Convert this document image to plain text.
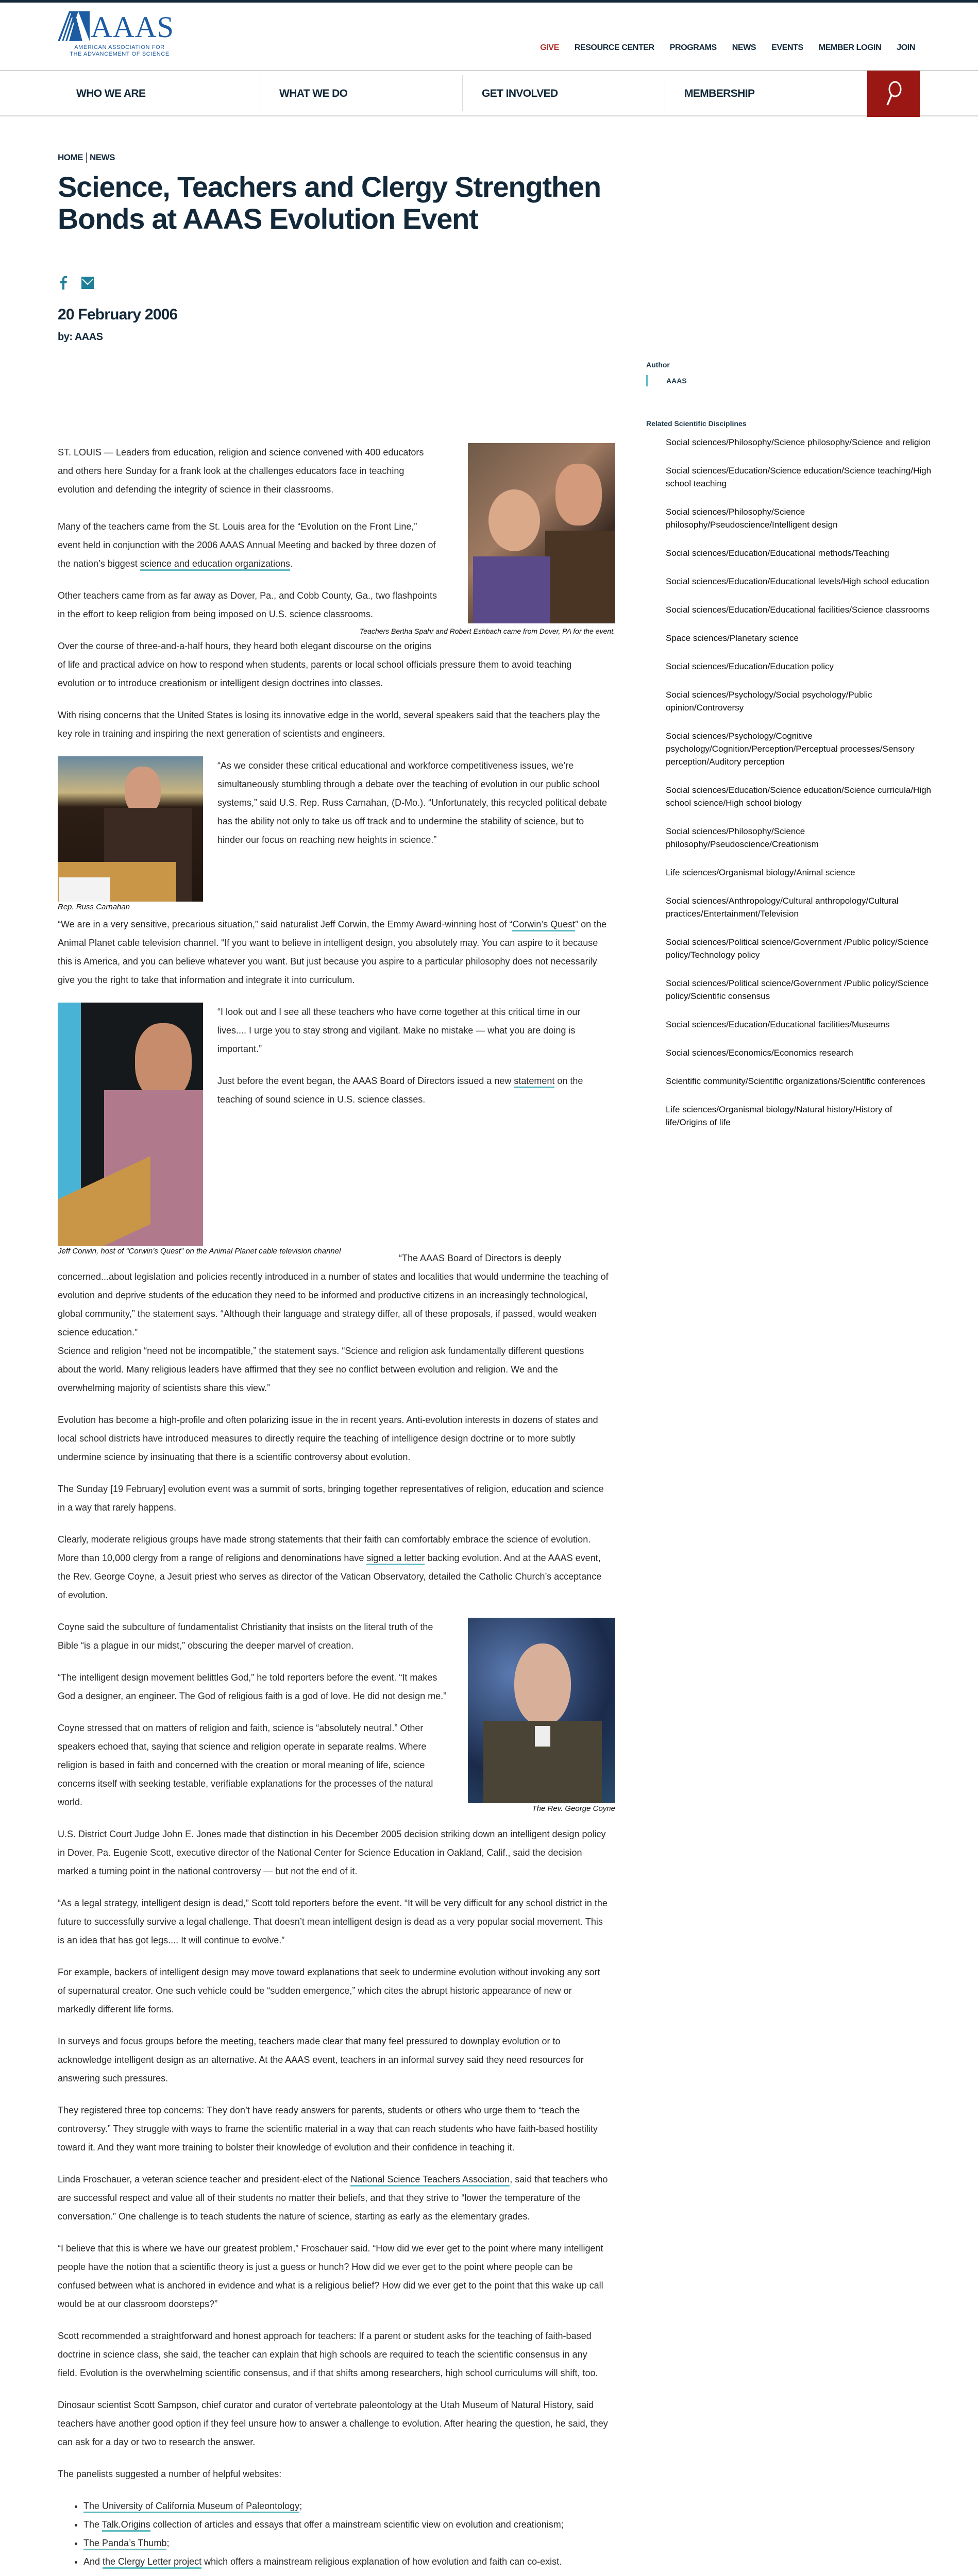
AAAS
AMERICAN ASSOCIATION FOR
THE ADVANCEMENT OF SCIENCE
GIVE RESOURCE CENTER PROGRAMS NEWS EVENTS MEMBER LOGIN JOIN
WHO WE ARE	WHAT WE DO	GET INVOLVED	MEMBERSHIP
HOME NEWS
Science, Teachers and Clergy Strengthen Bonds at AAAS Evolution Event
20 February 2006
by: AAAS
Teachers Bertha Spahr and Robert Eshbach came from Dover, PA for the event.

ST. LOUIS — Leaders from education, religion and science convened with 400 educators and others here Sunday for a frank look at the challenges educators face in teaching evolution and defending the integrity of science in their classrooms.

Many of the teachers came from the St. Louis area for the “Evolution on the Front Line,” event held in conjunction with the 2006 AAAS Annual Meeting and backed by three dozen of the nation’s biggest science and education organizations.

Other teachers came from as far away as Dover, Pa., and Cobb County, Ga., two flashpoints in the effort to keep religion from being imposed on U.S. science classrooms.

Over the course of three-and-a-half hours, they heard both elegant discourse on the origins of life and practical advice on how to respond when students, parents or local school officials pressure them to avoid teaching evolution or to introduce creationism or intelligent design doctrines into classes.

With rising concerns that the United States is losing its innovative edge in the world, several speakers said that the teachers play the key role in training and inspiring the next generation of scientists and engineers.

Rep. Russ Carnahan

“As we consider these critical educational and workforce competitiveness issues, we’re simultaneously stumbling through a debate over the teaching of evolution in our public school systems,” said U.S. Rep. Russ Carnahan, (D-Mo.). “Unfortunately, this recycled political debate has the ability not only to take us off track and to undermine the stability of science, but to hinder our focus on reaching new heights in science.”

“We are in a very sensitive, precarious situation,” said naturalist Jeff Corwin, the Emmy Award-winning host of “Corwin’s Quest” on the Animal Planet cable television channel. “If you want to believe in intelligent design, you absolutely may. You can aspire to it because this is America, and you can believe whatever you want. But just because you aspire to a particular philosophy does not necessarily give you the right to take that information and integrate it into curriculum.

“I look out and I see all these teachers who have come together at this critical time in our lives.... I urge you to stay strong and vigilant. Make no mistake — what you are doing is important.”

Just before the event began, the AAAS Board of Directors issued a new statement on the teaching of sound science in U.S. science classes.

Jeff Corwin, host of “Corwin’s Quest” on the Animal Planet cable television channel

“The AAAS Board of Directors is deeply concerned...about legislation and policies recently introduced in a number of states and localities that would undermine the teaching of evolution and deprive students of the education they need to be informed and productive citizens in an increasingly technological, global community,” the statement says. “Although their language and strategy differ, all of these proposals, if passed, would weaken science education.”

Science and religion “need not be incompatible,” the statement says. “Science and religion ask fundamentally different questions about the world. Many religious leaders have affirmed that they see no conflict between evolution and religion. We and the overwhelming majority of scientists share this view.”

Evolution has become a high-profile and often polarizing issue in the in recent years. Anti-evolution interests in dozens of states and local school districts have introduced measures to directly require the teaching of intelligence design doctrine or to more subtly undermine science by insinuating that there is a scientific controversy about evolution.

The Sunday [19 February] evolution event was a summit of sorts, bringing together representatives of religion, education and science in a way that rarely happens.

Clearly, moderate religious groups have made strong statements that their faith can comfortably embrace the science of evolution. More than 10,000 clergy from a range of religions and denominations have signed a letter backing evolution. And at the AAAS event, the Rev. George Coyne, a Jesuit priest who serves as director of the Vatican Observatory, detailed the Catholic Church’s acceptance of evolution.

The Rev. George Coyne

Coyne said the subculture of fundamentalist Christianity that insists on the literal truth of the Bible “is a plague in our midst,” obscuring the deeper marvel of creation.

“The intelligent design movement belittles God,” he told reporters before the event. “It makes God a designer, an engineer. The God of religious faith is a god of love. He did not design me.”

Coyne stressed that on matters of religion and faith, science is “absolutely neutral.” Other speakers echoed that, saying that science and religion operate in separate realms. Where religion is based in faith and concerned with the creation or moral meaning of life, science concerns itself with seeking testable, verifiable explanations for the processes of the natural world.

U.S. District Court Judge John E. Jones made that distinction in his December 2005 decision striking down an intelligent design policy in Dover, Pa. Eugenie Scott, executive director of the National Center for Science Education in Oakland, Calif., said the decision marked a turning point in the national controversy — but not the end of it.

“As a legal strategy, intelligent design is dead,” Scott told reporters before the event. “It will be very difficult for any school district in the future to successfully survive a legal challenge. That doesn’t mean intelligent design is dead as a very popular social movement. This is an idea that has got legs.... It will continue to evolve.”

For example, backers of intelligent design may move toward explanations that seek to undermine evolution without invoking any sort of supernatural creator. One such vehicle could be “sudden emergence,” which cites the abrupt historic appearance of new or markedly different life forms.

In surveys and focus groups before the meeting, teachers made clear that many feel pressured to downplay evolution or to acknowledge intelligent design as an alternative. At the AAAS event, teachers in an informal survey said they need resources for answering such pressures.

They registered three top concerns: They don’t have ready answers for parents, students or others who urge them to “teach the controversy.” They struggle with ways to frame the scientific material in a way that can reach students who have faith-based hostility toward it. And they want more training to bolster their knowledge of evolution and their confidence in teaching it.

Linda Froschauer, a veteran science teacher and president-elect of the National Science Teachers Association, said that teachers who are successful respect and value all of their students no matter their beliefs, and that they strive to “lower the temperature of the conversation.” One challenge is to teach students the nature of science, starting as early as the elementary grades.

“I believe that this is where we have our greatest problem,” Froschauer said. “How did we ever get to the point where many intelligent people have the notion that a scientific theory is just a guess or hunch? How did we ever get to the point where people can be confused between what is anchored in evidence and what is a religious belief? How did we ever get to the point that this wake up call would be at our classroom doorsteps?”

Scott recommended a straightforward and honest approach for teachers: If a parent or student asks for the teaching of faith-based doctrine in science class, she said, the teacher can explain that high schools are required to teach the scientific consensus in any field. Evolution is the overwhelming scientific consensus, and if that shifts among researchers, high school curriculums will shift, too.

Dinosaur scientist Scott Sampson, chief curator and curator of vertebrate paleontology at the Utah Museum of Natural History, said teachers have another good option if they feel unsure how to answer a challenge to evolution. After hearing the question, he said, they can ask for a day or two to research the answer.

The panelists suggested a number of helpful websites:

• The University of California Museum of Paleontology;
• The Talk.Origins collection of articles and essays that offer a mainstream scientific view on evolution and creationism;
• The Panda’s Thumb;
• And the Clergy Letter project which offers a mainstream religious explanation of how evolution and faith can co-exist.

Author
AAAS
Related Scientific Disciplines
Social sciences/Philosophy/Science philosophy/Science and religion
Social sciences/Education/Science education/Science teaching/High school teaching
Social sciences/Philosophy/Science philosophy/Pseudoscience/Intelligent design
Social sciences/Education/Educational methods/Teaching
Social sciences/Education/Educational levels/High school education
Social sciences/Education/Educational facilities/Science classrooms
Space sciences/Planetary science
Social sciences/Education/Education policy
Social sciences/Psychology/Social psychology/Public opinion/Controversy
Social sciences/Psychology/Cognitive psychology/Cognition/Perception/Perceptual processes/Sensory perception/Auditory perception
Social sciences/Education/Science education/Science curricula/High school science/High school biology
Social sciences/Philosophy/Science philosophy/Pseudoscience/Creationism
Life sciences/Organismal biology/Animal science
Social sciences/Anthropology/Cultural anthropology/Cultural practices/Entertainment/Television
Social sciences/Political science/Government /Public policy/Science policy/Technology policy
Social sciences/Political science/Government /Public policy/Science policy/Scientific consensus
Social sciences/Education/Educational facilities/Museums
Social sciences/Economics/Economics research
Scientific community/Scientific organizations/Scientific conferences
Life sciences/Organismal biology/Natural history/History of life/Origins of life
